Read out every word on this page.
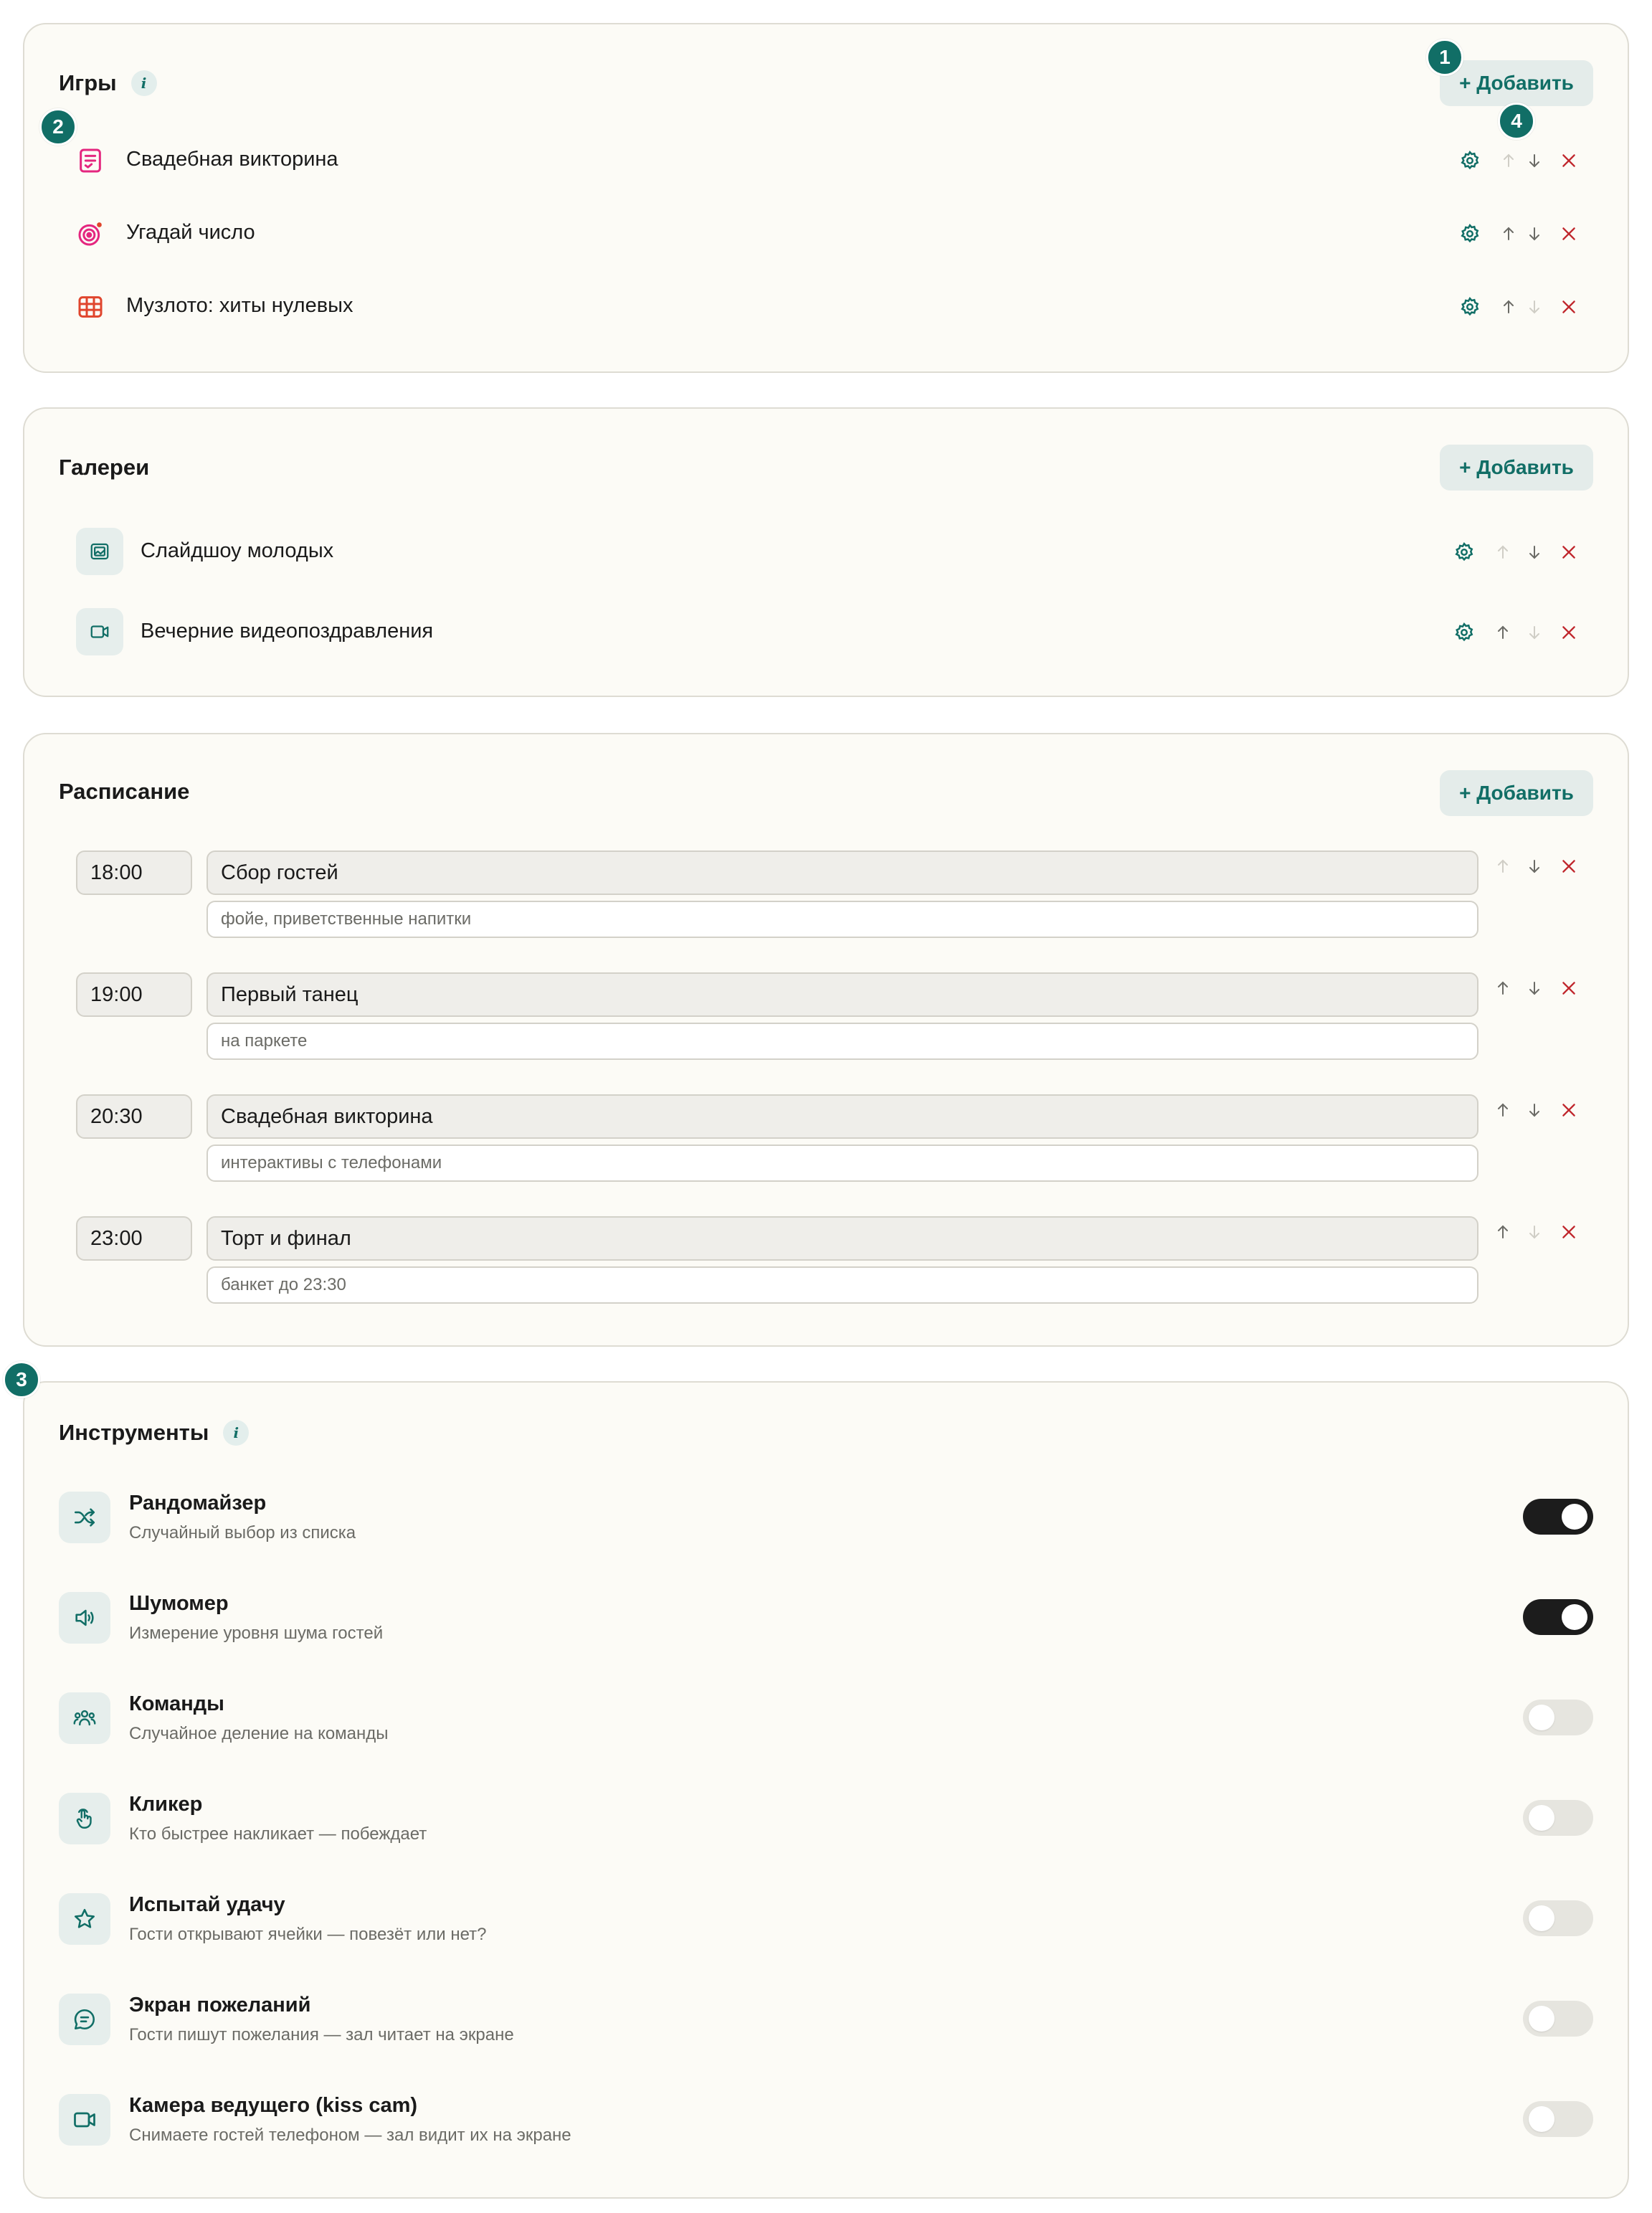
Игры	i	+ Добавить
Свадебная викторина
Угадай число
Музлото: хиты нулевых
1
2	4
Галереи	+ Добавить
Слайдшоу молодых
Вечерние видеопоздравления
Расписание	+ Добавить
18:00	Сбор гостей
фойе, приветственные напитки
19:00	Первый танец
на паркете
20:30	Свадебная викторина
интерактивы с телефонами
23:00	Торт и финал
банкет до 23:30
Инструменты	i
Рандомайзер
Случайный выбор из списка
Шумомер
Измерение уровня шума гостей
Команды
Случайное деление на команды
Кликер
Кто быстрее накликает — побеждает
Испытай удачу
Гости открывают ячейки — повезёт или нет?
Экран пожеланий
Гости пишут пожелания — зал читает на экране
Камера ведущего (kiss cam)
Снимаете гостей телефоном — зал видит их на экране
3
